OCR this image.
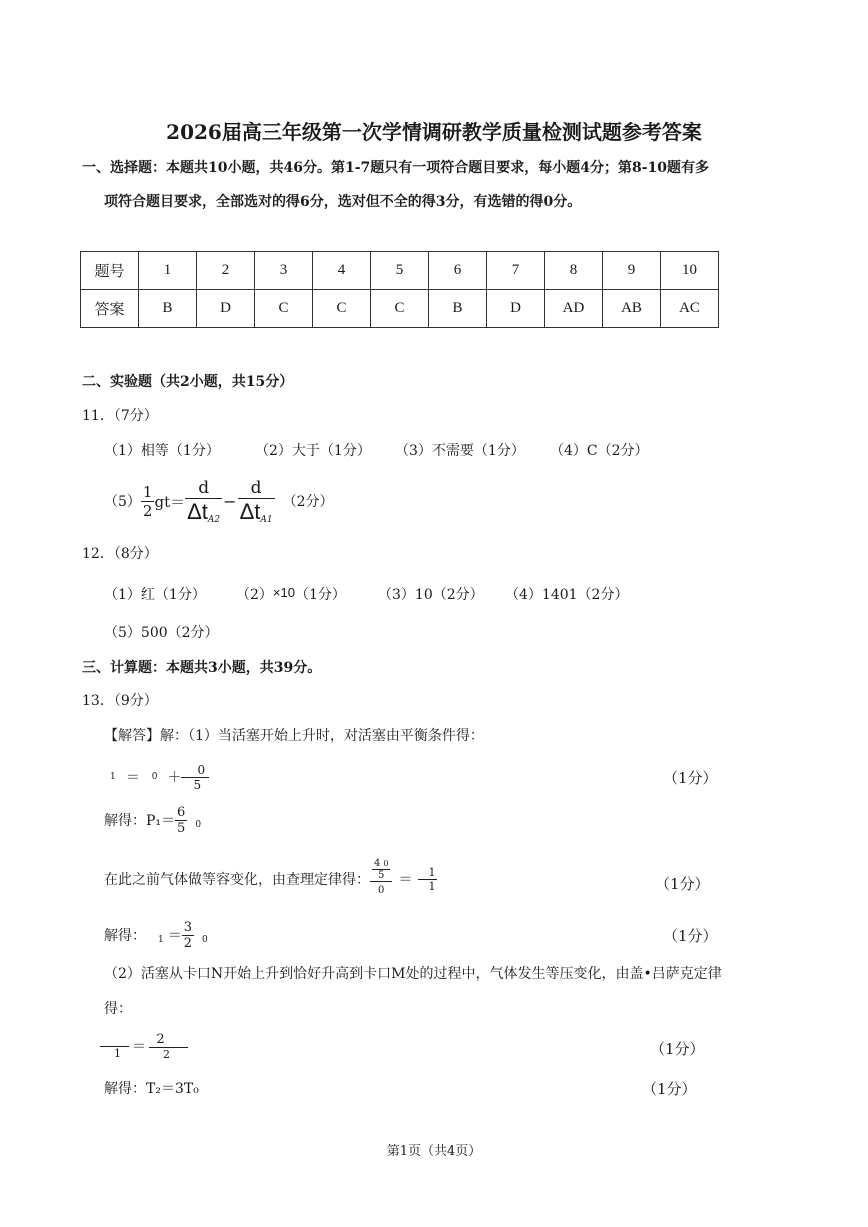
2026届高三年级第一次学情调研教学质量检测试题参考答案
一、选择题：本题共10小题，共46分。第1-7题只有一项符合题目要求，每小题4分；第8-10题有多
项符合题目要求，全部选对的得6分，选对但不全的得3分，有选错的得0分。
题号	1	2	3	4	5	6	7	8	9	10
答案	B	D	C	C	C	B	D	AD	AB	AC
二、实验题（共2小题，共15分）
11．（7分）
（1）相等（1分）	（2）大于（1分） （3）不需要（1分） （4）C（2分）
$(5) \frac{1}{2} gt= \frac{d}{\Delta t_{A2}} - \frac{d}{\Delta t_{A1}} (2$分）
12．（8分）
（1）红（1分） （2）×10（1分） （3）10（2分） （4）1401（2分）
（5）500（2分）
三、计算题：本题共3小题，共39分。
13．（9分）
【解答】解：（1）当活塞开始上升时，对活塞由平衡条件得：
$1 = 0 + \frac{0}{5}$	（1分）
解得：$P_1= \frac{6}{5} 0$
在此之前气体做等容变化，由查理定律得： $\frac{\frac{4 0}{5}}{0} = \frac{1}{1}$	（1分）
解得： $1 = \frac{3}{2} 0$	（1分）
（2）活塞从卡口N开始上升到恰好升高到卡口M处的过程中，气体发生等压变化，由盖•吕萨克定律
得：
$1 = \frac{2}{2}$	（1分）
解得：T₂＝3T₀	（1分）
第1页（共4页）
